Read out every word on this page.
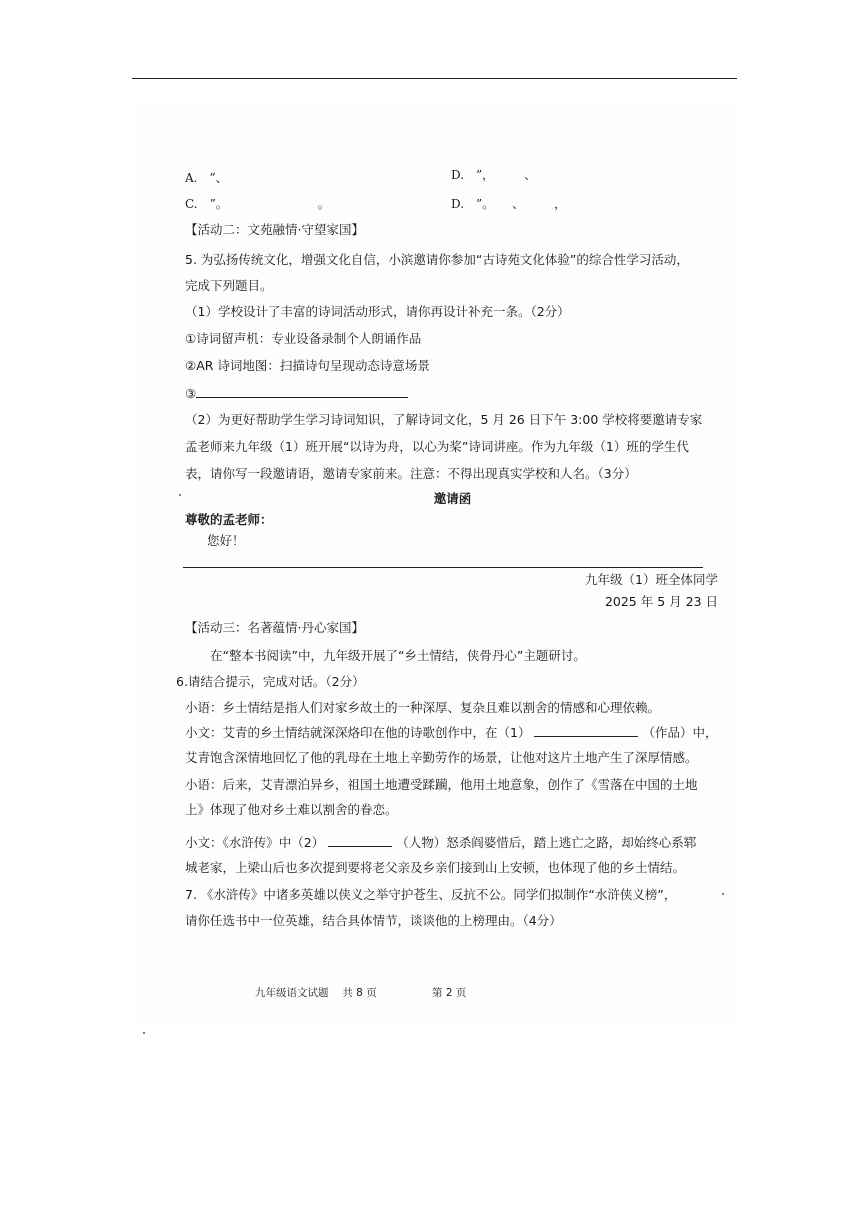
A.　”、	D.　”，　　　、
C.　”。　　　　　　　　。	D.　”。　　、　　　，
【活动二：文苑融情·守望家国】
5. 为弘扬传统文化，增强文化自信，小滨邀请你参加“古诗苑文化体验”的综合性学习活动，
完成下列题目。
（1）学校设计了丰富的诗词活动形式，请你再设计补充一条。（2分）
①诗词留声机：专业设备录制个人朗诵作品
②AR 诗词地图：扫描诗句呈现动态诗意场景
③
（2）为更好帮助学生学习诗词知识，了解诗词文化，5 月 26 日下午 3:00 学校将要邀请专家
孟老师来九年级（1）班开展“以诗为舟，以心为桨”诗词讲座。作为九年级（1）班的学生代
表，请你写一段邀请语，邀请专家前来。注意：不得出现真实学校和人名。（3分）
邀请函
尊敬的孟老师：
您好！
九年级（1）班全体同学
2025 年 5 月 23 日
【活动三：名著蕴情·丹心家国】
在“整本书阅读”中，九年级开展了“乡土情结，侠骨丹心”主题研讨。
6.请结合提示，完成对话。（2分）
小语：乡土情结是指人们对家乡故土的一种深厚、复杂且难以割舍的情感和心理依赖。
小文：艾青的乡土情结就深深烙印在他的诗歌创作中，在（1）	（作品）中，
艾青饱含深情地回忆了他的乳母在土地上辛勤劳作的场景，让他对这片土地产生了深厚情感。
小语：后来，艾青漂泊异乡，祖国土地遭受蹂躏，他用土地意象，创作了《雪落在中国的土地
上》体现了他对乡土难以割舍的眷恋。
小文：《水浒传》中（2）	（人物）怒杀阎婆惜后，踏上逃亡之路，却始终心系郓
城老家，上梁山后也多次提到要将老父亲及乡亲们接到山上安顿，也体现了他的乡土情结。
7. 《水浒传》中诸多英雄以侠义之举守护苍生、反抗不公。同学们拟制作“水浒侠义榜”，
请你任选书中一位英雄，结合具体情节，谈谈他的上榜理由。（4分）
九年级语文试题　 共 8 页	第 2 页
